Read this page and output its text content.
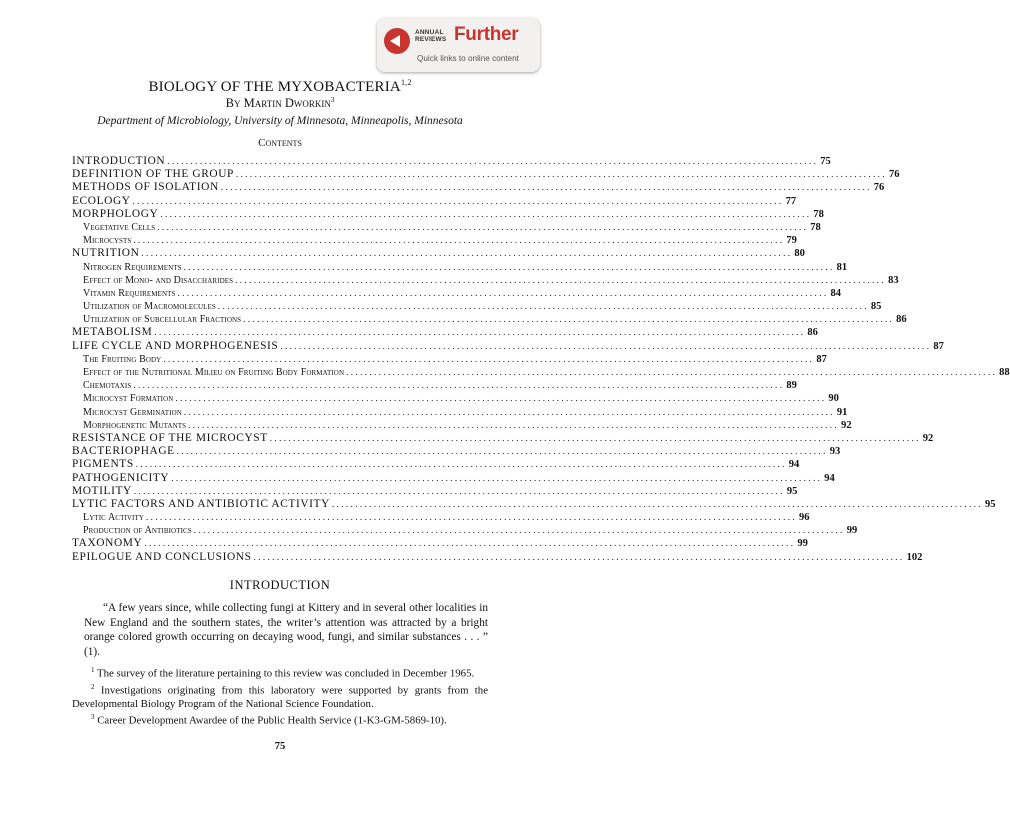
ANNUAL
REVIEWS Further
Quick links to online content
BIOLOGY OF THE MYXOBACTERIA$^{1,2}$
By Martin Dworkin$^3$
Department of Microbiology, University of Minnesota, Minneapolis, Minnesota
Contents
INTRODUCTION ............................................................................................................................................ 75
DEFINITION OF THE GROUP ............................................................................................................................................ 76
METHODS OF ISOLATION ............................................................................................................................................ 76
ECOLOGY ............................................................................................................................................ 77
MORPHOLOGY ............................................................................................................................................ 78
Vegetative Cells ............................................................................................................................................ 78
Microcysts ............................................................................................................................................ 79
NUTRITION ............................................................................................................................................ 80
Nitrogen Requirements ............................................................................................................................................ 81
Effect of Mono- and Disaccharides ............................................................................................................................................ 83
Vitamin Requirements ............................................................................................................................................ 84
Utilization of Macromolecules ............................................................................................................................................ 85
Utilization of Subcellular Fractions ............................................................................................................................................ 86
METABOLISM ............................................................................................................................................ 86
LIFE CYCLE AND MORPHOGENESIS ............................................................................................................................................ 87
The Fruiting Body ............................................................................................................................................ 87
Effect of the Nutritional Milieu on Fruiting Body Formation ............................................................................................................................................ 88
Chemotaxis ............................................................................................................................................ 89
Microcyst Formation ............................................................................................................................................ 90
Microcyst Germination ............................................................................................................................................ 91
Morphogenetic Mutants ............................................................................................................................................ 92
RESISTANCE OF THE MICROCYST ............................................................................................................................................ 92
BACTERIOPHAGE ............................................................................................................................................ 93
PIGMENTS ............................................................................................................................................ 94
PATHOGENICITY ............................................................................................................................................ 94
MOTILITY ............................................................................................................................................ 95
LYTIC FACTORS AND ANTIBIOTIC ACTIVITY ............................................................................................................................................ 95
Lytic Activity ............................................................................................................................................ 96
Production of Antibiotics ............................................................................................................................................ 99
TAXONOMY ............................................................................................................................................ 99
EPILOGUE AND CONCLUSIONS ............................................................................................................................................ 102
INTRODUCTION
“A few years since, while collecting fungi at Kittery and in several other localities in New England and the southern states, the writer’s attention was attracted by a bright orange colored growth occurring on decaying wood, fungi, and similar substances . . . ” (1).

$^1$ The survey of the literature pertaining to this review was concluded in December 1965.

$^2$ Investigations originating from this laboratory were supported by grants from the Developmental Biology Program of the National Science Foundation.

$^3$ Career Development Awardee of the Public Health Service (1-K3-GM-5869-10).

75
